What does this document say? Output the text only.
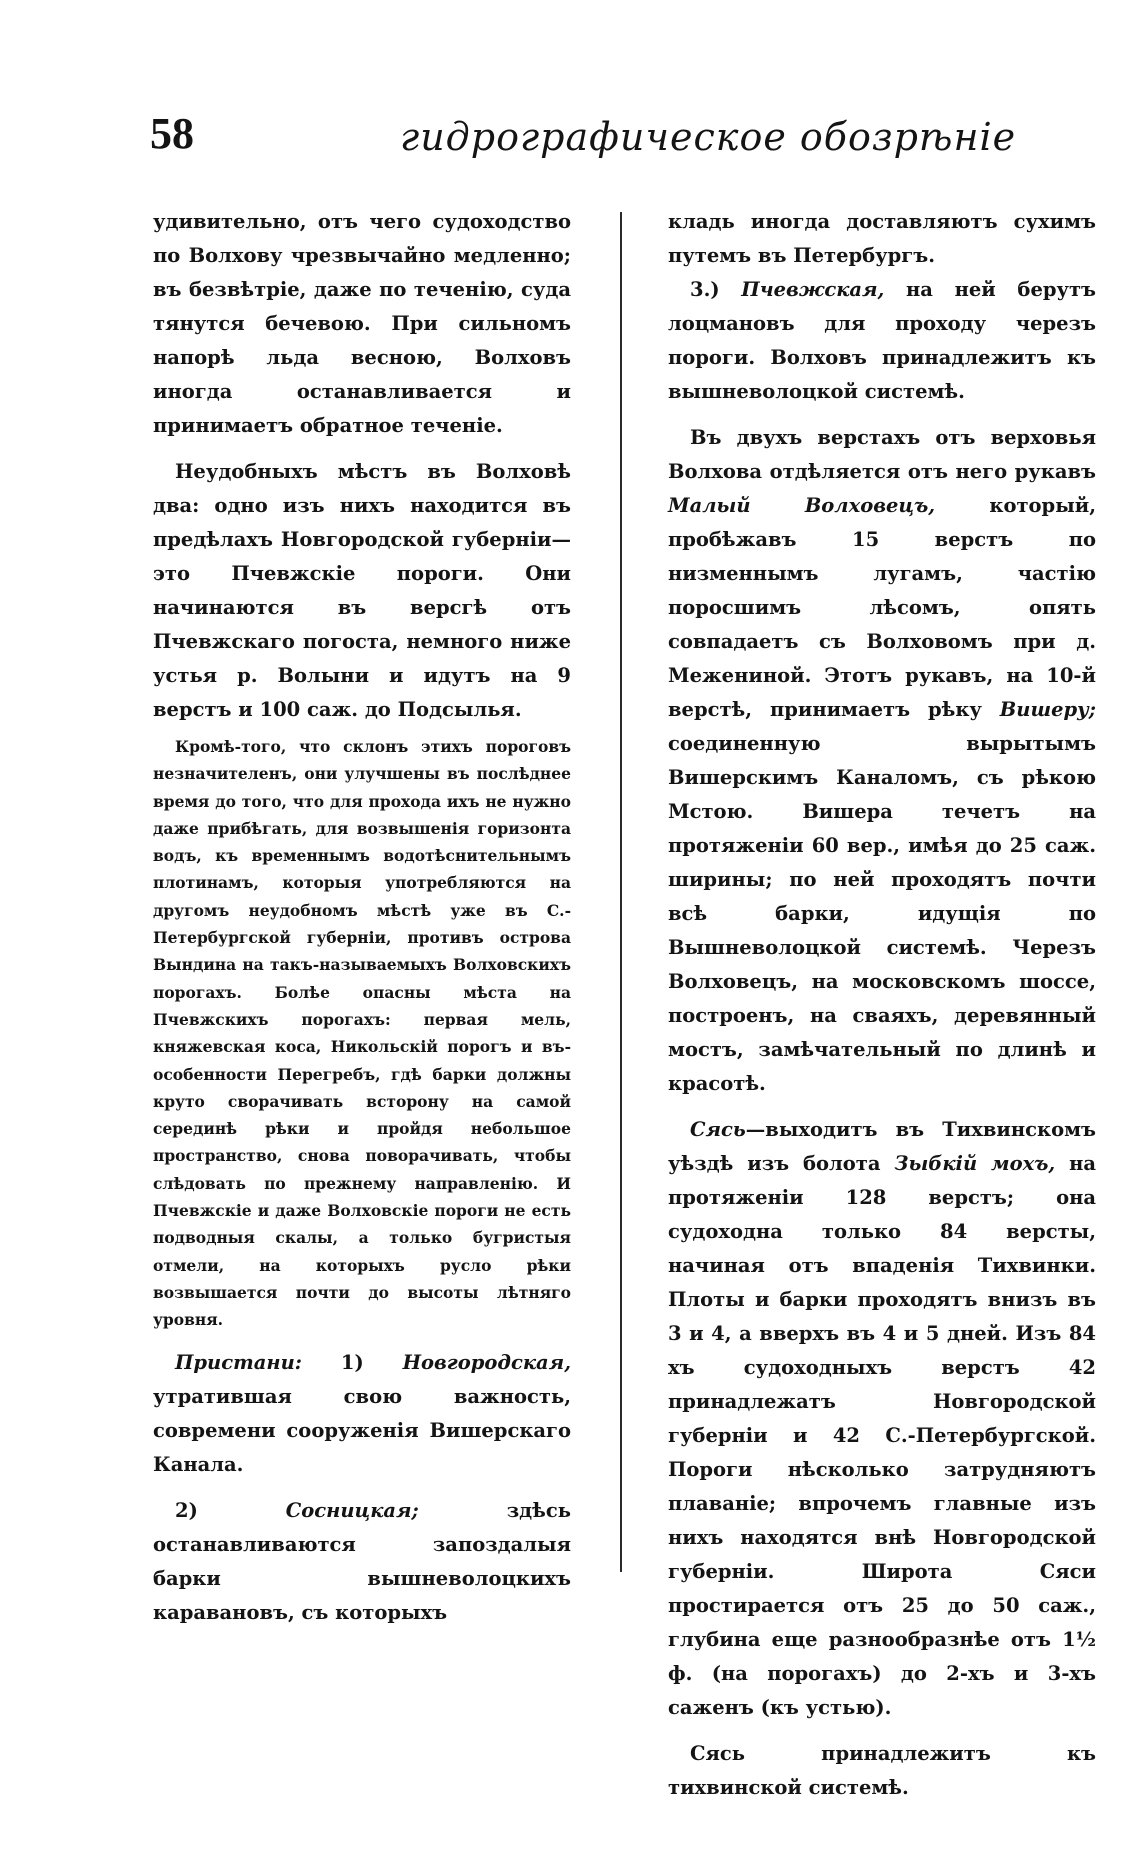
58	гидрографическое обозрѣніе

удивительно, отъ чего судоходство по Волхову чрезвычайно медленно; въ безвѣтріе, даже по теченію, суда тянутся бечевою. При сильномъ напорѣ льда весною, Волховъ иногда останавливается и принимаетъ обратное теченіе.

Неудобныхъ мѣстъ въ Волховѣ два: одно изъ нихъ находится въ предѣлахъ Новгородской губерніи— это Пчевжскіе пороги. Они начинаются въ версгѣ отъ Пчевжскаго погоста, немного ниже устья р. Волыни и идутъ на 9 верстъ и 100 саж. до Подсылья.

Кромѣ-того, что склонъ этихъ пороговъ незначителенъ, они улучшены въ послѣднее время до того, что для прохода ихъ не нужно даже прибѣгать, для возвышенія горизонта водъ, къ временнымъ водотѣснительнымъ плотинамъ, которыя употребляются на другомъ неудобномъ мѣстѣ уже въ С.-Петербургской губерніи, противъ острова Вындина на такъ-называемыхъ Волховскихъ порогахъ. Болѣе опасны мѣста на Пчевжскихъ порогахъ: первая мель, княжевская коса, Никольскій порогъ и въ-особенности Перегребъ, гдѣ барки должны круто сворачивать всторону на самой серединѣ рѣки и пройдя небольшое пространство, снова поворачивать, чтобы слѣдовать по прежнему направленію. И Пчевжскіе и даже Волховскіе пороги не есть подводныя скалы, а только бугристыя отмели, на которыхъ русло рѣки возвышается почти до высоты лѣтняго уровня.

Пристани: 1) Новгородская, утратившая свою важность, современи сооруженія Вишерскаго Канала.

2)	Сосницкая;	здѣсь останавливаются запоздалыя барки вышневолоцкихъ каравановъ, съ которыхъ

кладь иногда доставляютъ сухимъ путемъ въ Петербургъ.

3.) Пчевжская, на ней берутъ лоцмановъ для проходу черезъ пороги. Волховъ принадлежитъ къ вышневолоцкой системѣ.

Въ двухъ верстахъ отъ верховья Волхова отдѣляется отъ него рукавъ Малый Волховецъ,	который, пробѣжавъ 15 верстъ по низменнымъ лугамъ, частію поросшимъ лѣсомъ, опять совпадаетъ съ Волховомъ при д. Межениной. Этотъ рукавъ, на 10-й верстѣ, принимаетъ рѣку Вишеру; соединенную вырытымъ Вишерскимъ Каналомъ, съ рѣкою Мстою. Вишера течетъ на протяженіи 60 вер., имѣя до 25 саж. ширины; по ней проходятъ почти всѣ барки, идущія по Вышневолоцкой системѣ. Черезъ Волховецъ, на московскомъ шоссе, построенъ, на сваяхъ, деревянный мостъ, замѣчательный по длинѣ и красотѣ.

Сясь—выходитъ въ Тихвинскомъ уѣздѣ изъ болота Зыбкій мохъ, на протяженіи 128 верстъ; она судоходна только 84 версты, начиная отъ впаденія Тихвинки. Плоты и барки проходятъ внизъ въ 3 и 4, а вверхъ въ 4 и 5 дней. Изъ 84 хъ судоходныхъ верстъ 42 принадлежатъ Новгородской губерніи и 42 С.-Петербургской. Пороги нѣсколько затрудняютъ плаваніе; впрочемъ главные изъ нихъ находятся внѣ Новгородской губерніи. Широта Сяси простирается отъ 25 до 50 саж., глубина еще разнообразнѣе отъ 1½ ф. (на порогахъ) до 2-хъ и 3-хъ саженъ (къ устью).

Сясь принадлежитъ къ тихвинской системѣ.
